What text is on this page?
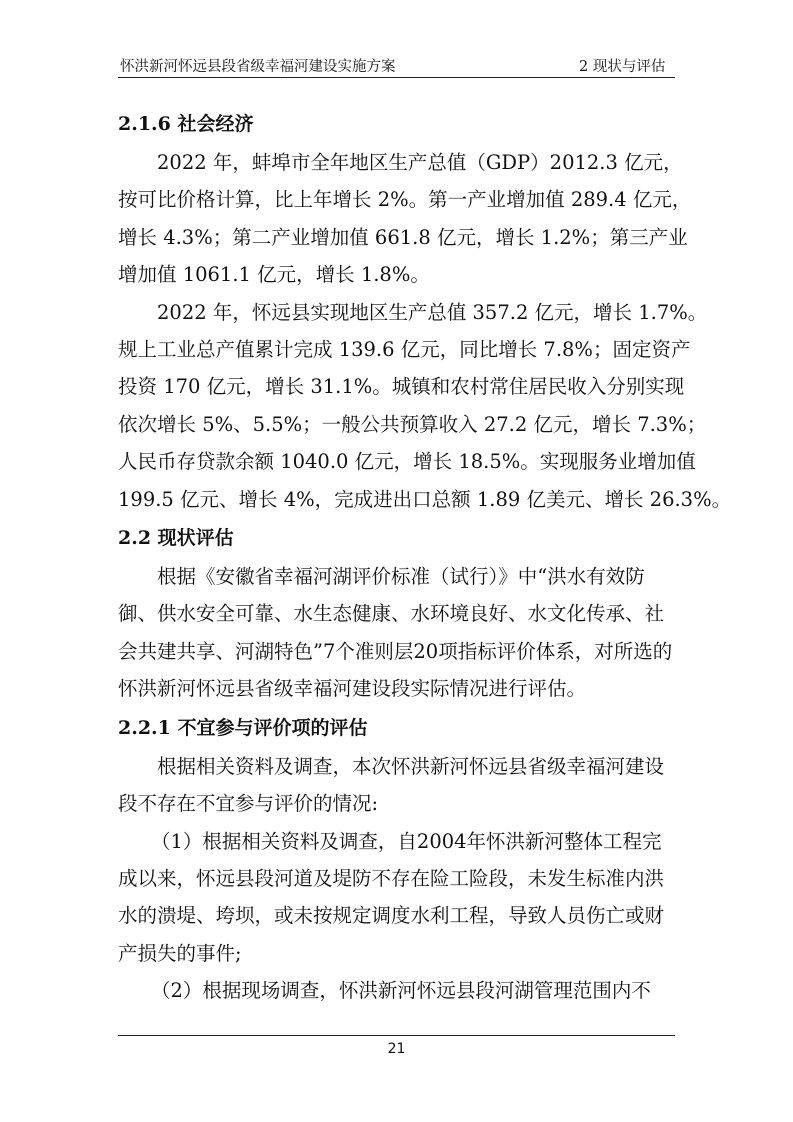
怀洪新河怀远县段省级幸福河建设实施方案	2 现状与评估
2.1.6 社会经济

2022 年，蚌埠市全年地区生产总值（GDP）2012.3 亿元，
按可比价格计算，比上年增长 2%。第一产业增加值 289.4 亿元，
增长 4.3%；第二产业增加值 661.8 亿元，增长 1.2%；第三产业
增加值 1061.1 亿元，增长 1.8%。

2022 年，怀远县实现地区生产总值 357.2 亿元，增长 1.7%。
规上工业总产值累计完成 139.6 亿元，同比增长 7.8%；固定资产
投资 170 亿元，增长 31.1%。城镇和农村常住居民收入分别实现
依次增长 5%、5.5%；一般公共预算收入 27.2 亿元，增长 7.3%；
人民币存贷款余额 1040.0 亿元，增长 18.5%。实现服务业增加值
199.5 亿元、增长 4%，完成进出口总额 1.89 亿美元、增长 26.3%。

2.2 现状评估

根据《安徽省幸福河湖评价标准（试行）》中“洪水有效防
御、供水安全可靠、水生态健康、水环境良好、水文化传承、社
会共建共享、河湖特色”7个准则层20项指标评价体系，对所选的
怀洪新河怀远县省级幸福河建设段实际情况进行评估。

2.2.1 不宜参与评价项的评估

根据相关资料及调查，本次怀洪新河怀远县省级幸福河建设
段不存在不宜参与评价的情况:

（1）根据相关资料及调查，自2004年怀洪新河整体工程完
成以来，怀远县段河道及堤防不存在险工险段，未发生标准内洪
水的溃堤、垮坝，或未按规定调度水利工程，导致人员伤亡或财
产损失的事件;

（2）根据现场调查，怀洪新河怀远县段河湖管理范围内不

21
